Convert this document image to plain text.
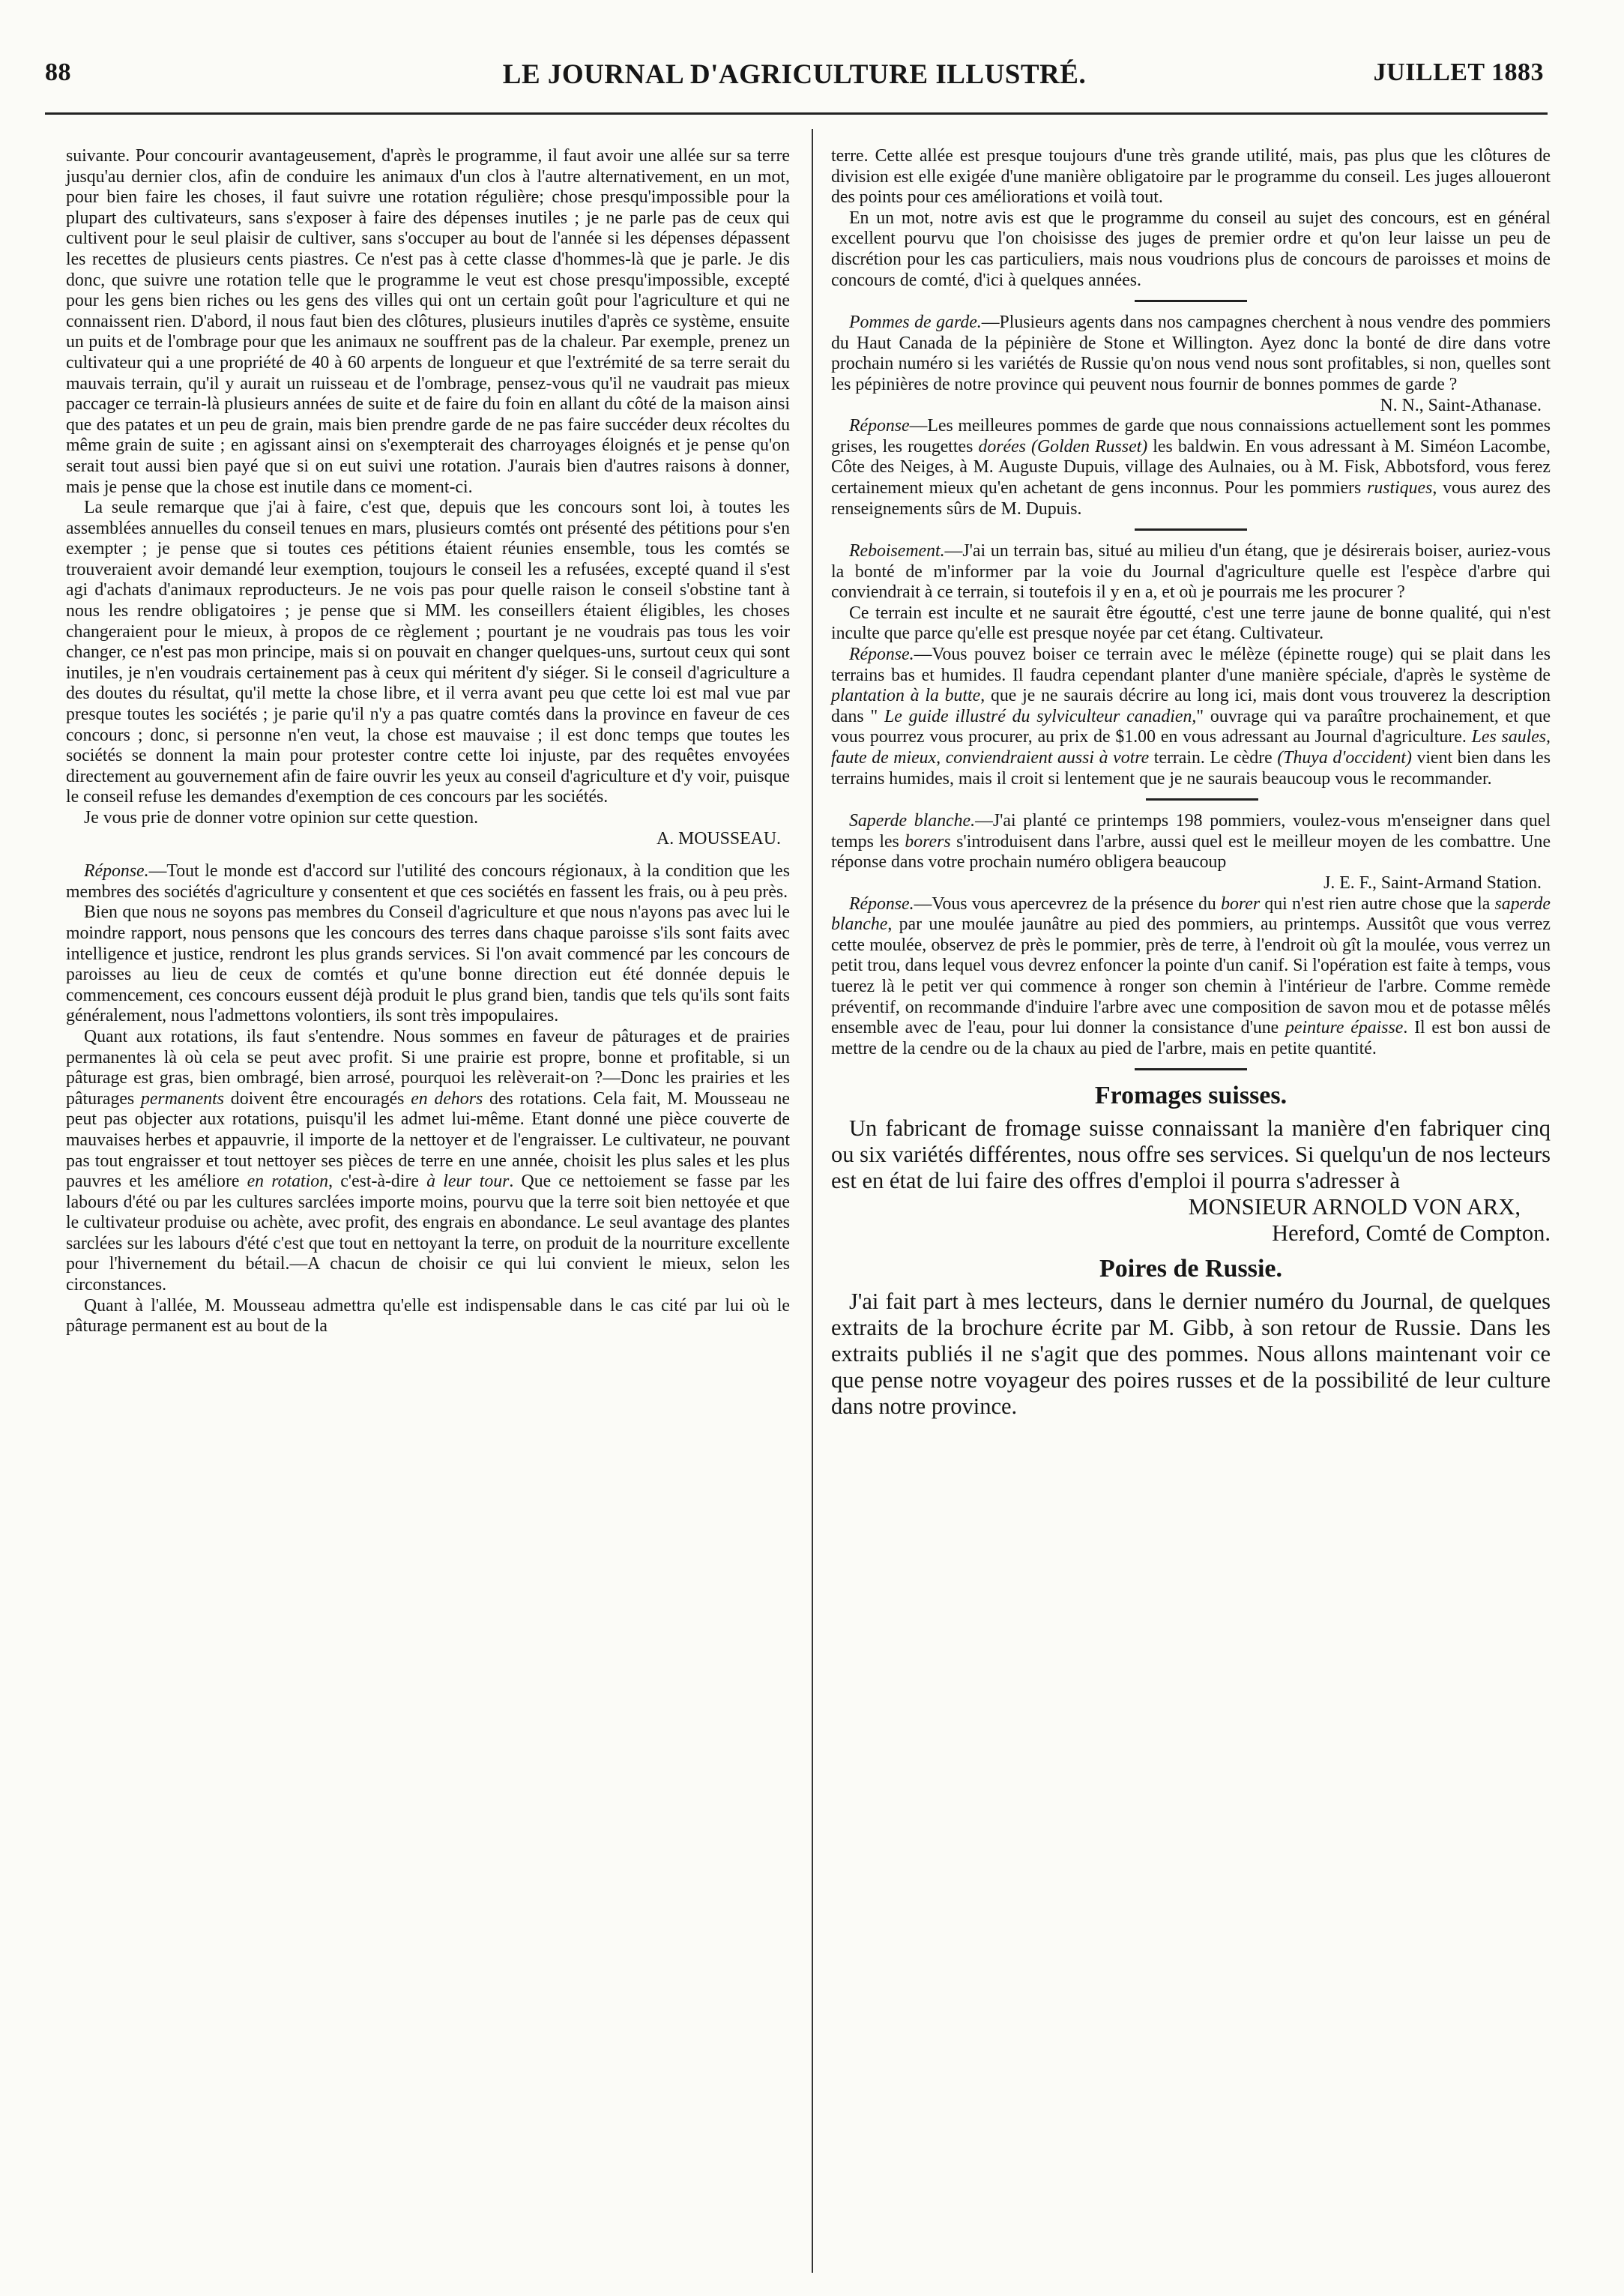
88	LE JOURNAL D'AGRICULTURE ILLUSTRÉ.	JUILLET 1883

suivante. Pour concourir avantageusement, d'après le programme, il faut avoir une allée sur sa terre jusqu'au dernier clos, afin de conduire les animaux d'un clos à l'autre alternativement, en un mot, pour bien faire les choses, il faut suivre une rotation régulière; chose presqu'impossible pour la plupart des cultivateurs, sans s'exposer à faire des dépenses inutiles ; je ne parle pas de ceux qui cultivent pour le seul plaisir de cultiver, sans s'occuper au bout de l'année si les dépenses dépassent les recettes de plusieurs cents piastres. Ce n'est pas à cette classe d'hommes-là que je parle. Je dis donc, que suivre une rotation telle que le programme le veut est chose presqu'impossible, excepté pour les gens bien riches ou les gens des villes qui ont un certain goût pour l'agriculture et qui ne connaissent rien. D'abord, il nous faut bien des clôtures, plusieurs inutiles d'après ce système, ensuite un puits et de l'ombrage pour que les animaux ne souffrent pas de la chaleur. Par exemple, prenez un cultivateur qui a une propriété de 40 à 60 arpents de longueur et que l'extrémité de sa terre serait du mauvais terrain, qu'il y aurait un ruisseau et de l'ombrage, pensez-vous qu'il ne vaudrait pas mieux paccager ce terrain-là plusieurs années de suite et de faire du foin en allant du côté de la maison ainsi que des patates et un peu de grain, mais bien prendre garde de ne pas faire succéder deux récoltes du même grain de suite ; en agissant ainsi on s'exempterait des charroyages éloignés et je pense qu'on serait tout aussi bien payé que si on eut suivi une rotation. J'aurais bien d'autres raisons à donner, mais je pense que la chose est inutile dans ce moment-ci.

La seule remarque que j'ai à faire, c'est que, depuis que les concours sont loi, à toutes les assemblées annuelles du conseil tenues en mars, plusieurs comtés ont présenté des pétitions pour s'en exempter ; je pense que si toutes ces pétitions étaient réunies ensemble, tous les comtés se trouveraient avoir demandé leur exemption, toujours le conseil les a refusées, excepté quand il s'est agi d'achats d'animaux reproducteurs. Je ne vois pas pour quelle raison le conseil s'obstine tant à nous les rendre obligatoires ; je pense que si MM. les conseillers étaient éligibles, les choses changeraient pour le mieux, à propos de ce règlement ; pourtant je ne voudrais pas tous les voir changer, ce n'est pas mon principe, mais si on pouvait en changer quelques-uns, surtout ceux qui sont inutiles, je n'en voudrais certainement pas à ceux qui méritent d'y siéger. Si le conseil d'agriculture a des doutes du résultat, qu'il mette la chose libre, et il verra avant peu que cette loi est mal vue par presque toutes les sociétés ; je parie qu'il n'y a pas quatre comtés dans la province en faveur de ces concours ; donc, si personne n'en veut, la chose est mauvaise ; il est donc temps que toutes les sociétés se donnent la main pour protester contre cette loi injuste, par des requêtes envoyées directement au gouvernement afin de faire ouvrir les yeux au conseil d'agriculture et d'y voir, puisque le conseil refuse les demandes d'exemption de ces concours par les sociétés.

Je vous prie de donner votre opinion sur cette question.

A. MOUSSEAU.

Réponse.—Tout le monde est d'accord sur l'utilité des concours régionaux, à la condition que les membres des sociétés d'agriculture y consentent et que ces sociétés en fassent les frais, ou à peu près.

Bien que nous ne soyons pas membres du Conseil d'agriculture et que nous n'ayons pas avec lui le moindre rapport, nous pensons que les concours des terres dans chaque paroisse s'ils sont faits avec intelligence et justice, rendront les plus grands services. Si l'on avait commencé par les concours de paroisses au lieu de ceux de comtés et qu'une bonne direction eut été donnée depuis le commencement, ces concours eussent déjà produit le plus grand bien, tandis que tels qu'ils sont faits généralement, nous l'admettons volontiers, ils sont très impopulaires.

Quant aux rotations, ils faut s'entendre. Nous sommes en faveur de pâturages et de prairies permanentes là où cela se peut avec profit. Si une prairie est propre, bonne et profitable, si un pâturage est gras, bien ombragé, bien arrosé, pourquoi les relèverait-on ?—Donc les prairies et les pâturages permanents doivent être encouragés en dehors des rotations. Cela fait, M. Mousseau ne peut pas objecter aux rotations, puisqu'il les admet lui-même. Etant donné une pièce couverte de mauvaises herbes et appauvrie, il importe de la nettoyer et de l'engraisser. Le cultivateur, ne pouvant pas tout engraisser et tout nettoyer ses pièces de terre en une année, choisit les plus sales et les plus pauvres et les améliore en rotation, c'est-à-dire à leur tour. Que ce nettoiement se fasse par les labours d'été ou par les cultures sarclées importe moins, pourvu que la terre soit bien nettoyée et que le cultivateur produise ou achète, avec profit, des engrais en abondance. Le seul avantage des plantes sarclées sur les labours d'été c'est que tout en nettoyant la terre, on produit de la nourriture excellente pour l'hivernement du bétail.—A chacun de choisir ce qui lui convient le mieux, selon les circonstances.

Quant à l'allée, M. Mousseau admettra qu'elle est indispensable dans le cas cité par lui où le pâturage permanent est au bout de la

terre. Cette allée est presque toujours d'une très grande utilité, mais, pas plus que les clôtures de division est elle exigée d'une manière obligatoire par le programme du conseil. Les juges alloueront des points pour ces améliorations et voilà tout.

En un mot, notre avis est que le programme du conseil au sujet des concours, est en général excellent pourvu que l'on choisisse des juges de premier ordre et qu'on leur laisse un peu de discrétion pour les cas particuliers, mais nous voudrions plus de concours de paroisses et moins de concours de comté, d'ici à quelques années.

Pommes de garde.—Plusieurs agents dans nos campagnes cherchent à nous vendre des pommiers du Haut Canada de la pépinière de Stone et Willington. Ayez donc la bonté de dire dans votre prochain numéro si les variétés de Russie qu'on nous vend nous sont profitables, si non, quelles sont les pépinières de notre province qui peuvent nous fournir de bonnes pommes de garde ?

N. N., Saint-Athanase.

Réponse—Les meilleures pommes de garde que nous connaissions actuellement sont les pommes grises, les rougettes dorées (Golden Russet) les baldwin. En vous adressant à M. Siméon Lacombe, Côte des Neiges, à M. Auguste Dupuis, village des Aulnaies, ou à M. Fisk, Abbotsford, vous ferez certainement mieux qu'en achetant de gens inconnus. Pour les pommiers rustiques, vous aurez des renseignements sûrs de M. Dupuis.

Reboisement.—J'ai un terrain bas, situé au milieu d'un étang, que je désirerais boiser, auriez-vous la bonté de m'informer par la voie du Journal d'agriculture quelle est l'espèce d'arbre qui conviendrait à ce terrain, si toutefois il y en a, et où je pourrais me les procurer ?

Ce terrain est inculte et ne saurait être égoutté, c'est une terre jaune de bonne qualité, qui n'est inculte que parce qu'elle est presque noyée par cet étang. Cultivateur.

Réponse.—Vous pouvez boiser ce terrain avec le mélèze (épinette rouge) qui se plait dans les terrains bas et humides. Il faudra cependant planter d'une manière spéciale, d'après le système de plantation à la butte, que je ne saurais décrire au long ici, mais dont vous trouverez la description dans " Le guide illustré du sylviculteur canadien," ouvrage qui va paraître prochainement, et que vous pourrez vous procurer, au prix de $1.00 en vous adressant au Journal d'agriculture. Les saules, faute de mieux, conviendraient aussi à votre terrain. Le cèdre (Thuya d'occident) vient bien dans les terrains humides, mais il croit si lentement que je ne saurais beaucoup vous le recommander.

Saperde blanche.—J'ai planté ce printemps 198 pommiers, voulez-vous m'enseigner dans quel temps les borers s'introduisent dans l'arbre, aussi quel est le meilleur moyen de les combattre. Une réponse dans votre prochain numéro obligera beaucoup

J. E. F., Saint-Armand Station.

Réponse.—Vous vous apercevrez de la présence du borer qui n'est rien autre chose que la saperde blanche, par une moulée jaunâtre au pied des pommiers, au printemps. Aussitôt que vous verrez cette moulée, observez de près le pommier, près de terre, à l'endroit où gît la moulée, vous verrez un petit trou, dans lequel vous devrez enfoncer la pointe d'un canif. Si l'opération est faite à temps, vous tuerez là le petit ver qui commence à ronger son chemin à l'intérieur de l'arbre. Comme remède préventif, on recommande d'induire l'arbre avec une composition de savon mou et de potasse mêlés ensemble avec de l'eau, pour lui donner la consistance d'une peinture épaisse. Il est bon aussi de mettre de la cendre ou de la chaux au pied de l'arbre, mais en petite quantité.

Fromages suisses.

Un fabricant de fromage suisse connaissant la manière d'en fabriquer cinq ou six variétés différentes, nous offre ses services. Si quelqu'un de nos lecteurs est en état de lui faire des offres d'emploi il pourra s'adresser à

MONSIEUR ARNOLD VON ARX,

Hereford, Comté de Compton.

Poires de Russie.

J'ai fait part à mes lecteurs, dans le dernier numéro du Journal, de quelques extraits de la brochure écrite par M. Gibb, à son retour de Russie. Dans les extraits publiés il ne s'agit que des pommes. Nous allons maintenant voir ce que pense notre voyageur des poires russes et de la possibilité de leur culture dans notre province.
